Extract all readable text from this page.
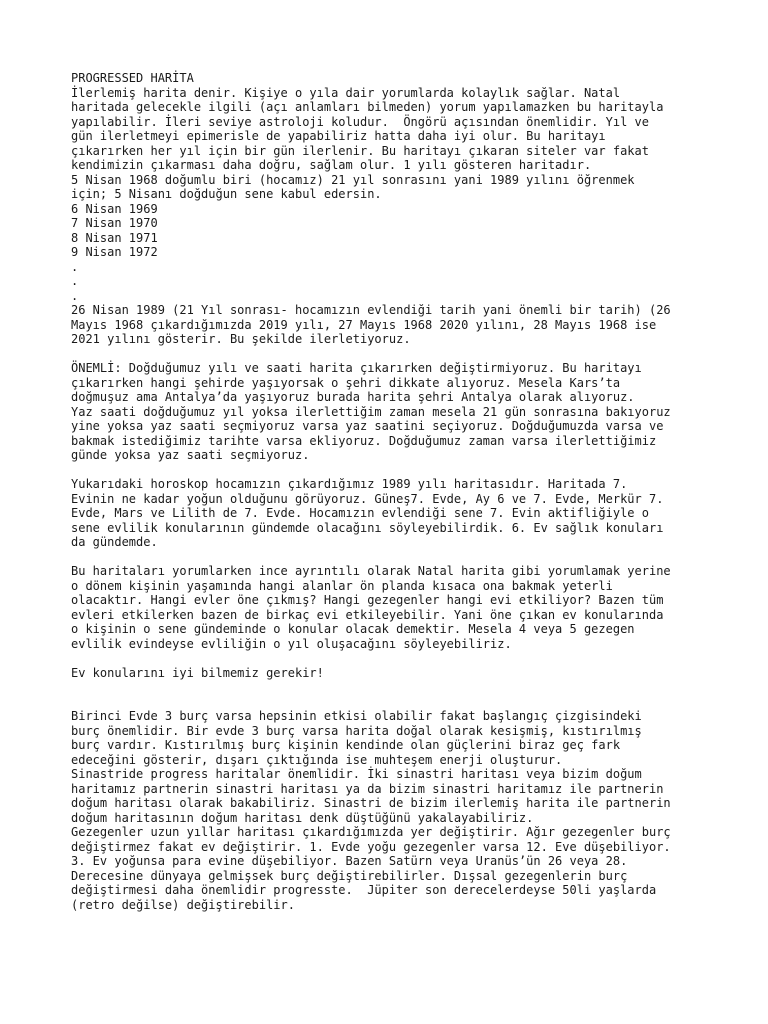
PROGRESSED HARİTA
İlerlemiş harita denir. Kişiye o yıla dair yorumlarda kolaylık sağlar. Natal
haritada gelecekle ilgili (açı anlamları bilmeden) yorum yapılamazken bu haritayla
yapılabilir. İleri seviye astroloji koludur.  Öngörü açısından önemlidir. Yıl ve
gün ilerletmeyi epimerisle de yapabiliriz hatta daha iyi olur. Bu haritayı
çıkarırken her yıl için bir gün ilerlenir. Bu haritayı çıkaran siteler var fakat
kendimizin çıkarması daha doğru, sağlam olur. 1 yılı gösteren haritadır.
5 Nisan 1968 doğumlu biri (hocamız) 21 yıl sonrasını yani 1989 yılını öğrenmek
için; 5 Nisanı doğduğun sene kabul edersin.
6 Nisan 1969
7 Nisan 1970
8 Nisan 1971
9 Nisan 1972
.
.
.
26 Nisan 1989 (21 Yıl sonrası- hocamızın evlendiği tarih yani önemli bir tarih) (26
Mayıs 1968 çıkardığımızda 2019 yılı, 27 Mayıs 1968 2020 yılını, 28 Mayıs 1968 ise
2021 yılını gösterir. Bu şekilde ilerletiyoruz.
ÖNEMLİ: Doğduğumuz yılı ve saati harita çıkarırken değiştirmiyoruz. Bu haritayı
çıkarırken hangi şehirde yaşıyorsak o şehri dikkate alıyoruz. Mesela Kars’ta
doğmuşuz ama Antalya’da yaşıyoruz burada harita şehri Antalya olarak alıyoruz.
Yaz saati doğduğumuz yıl yoksa ilerlettiğim zaman mesela 21 gün sonrasına bakıyoruz
yine yoksa yaz saati seçmiyoruz varsa yaz saatini seçiyoruz. Doğduğumuzda varsa ve
bakmak istediğimiz tarihte varsa ekliyoruz. Doğduğumuz zaman varsa ilerlettiğimiz
günde yoksa yaz saati seçmiyoruz.
Yukarıdaki horoskop hocamızın çıkardığımız 1989 yılı haritasıdır. Haritada 7.
Evinin ne kadar yoğun olduğunu görüyoruz. Güneş7. Evde, Ay 6 ve 7. Evde, Merkür 7.
Evde, Mars ve Lilith de 7. Evde. Hocamızın evlendiği sene 7. Evin aktifliğiyle o
sene evlilik konularının gündemde olacağını söyleyebilirdik. 6. Ev sağlık konuları
da gündemde.
Bu haritaları yorumlarken ince ayrıntılı olarak Natal harita gibi yorumlamak yerine
o dönem kişinin yaşamında hangi alanlar ön planda kısaca ona bakmak yeterli
olacaktır. Hangi evler öne çıkmış? Hangi gezegenler hangi evi etkiliyor? Bazen tüm
evleri etkilerken bazen de birkaç evi etkileyebilir. Yani öne çıkan ev konularında
o kişinin o sene gündeminde o konular olacak demektir. Mesela 4 veya 5 gezegen
evlilik evindeyse evliliğin o yıl oluşacağını söyleyebiliriz.
Ev konularını iyi bilmemiz gerekir!
Birinci Evde 3 burç varsa hepsinin etkisi olabilir fakat başlangıç çizgisindeki
burç önemlidir. Bir evde 3 burç varsa harita doğal olarak kesişmiş, kıstırılmış
burç vardır. Kıstırılmış burç kişinin kendinde olan güçlerini biraz geç fark
edeceğini gösterir, dışarı çıktığında ise muhteşem enerji oluşturur.
Sinastride progress haritalar önemlidir. İki sinastri haritası veya bizim doğum
haritamız partnerin sinastri haritası ya da bizim sinastri haritamız ile partnerin
doğum haritası olarak bakabiliriz. Sinastri de bizim ilerlemiş harita ile partnerin
doğum haritasının doğum haritası denk düştüğünü yakalayabiliriz.
Gezegenler uzun yıllar haritası çıkardığımızda yer değiştirir. Ağır gezegenler burç
değiştirmez fakat ev değiştirir. 1. Evde yoğu gezegenler varsa 12. Eve düşebiliyor.
3. Ev yoğunsa para evine düşebiliyor. Bazen Satürn veya Uranüs’ün 26 veya 28.
Derecesine dünyaya gelmişsek burç değiştirebilirler. Dışsal gezegenlerin burç
değiştirmesi daha önemlidir progresste.  Jüpiter son derecelerdeyse 50li yaşlarda
(retro değilse) değiştirebilir.
